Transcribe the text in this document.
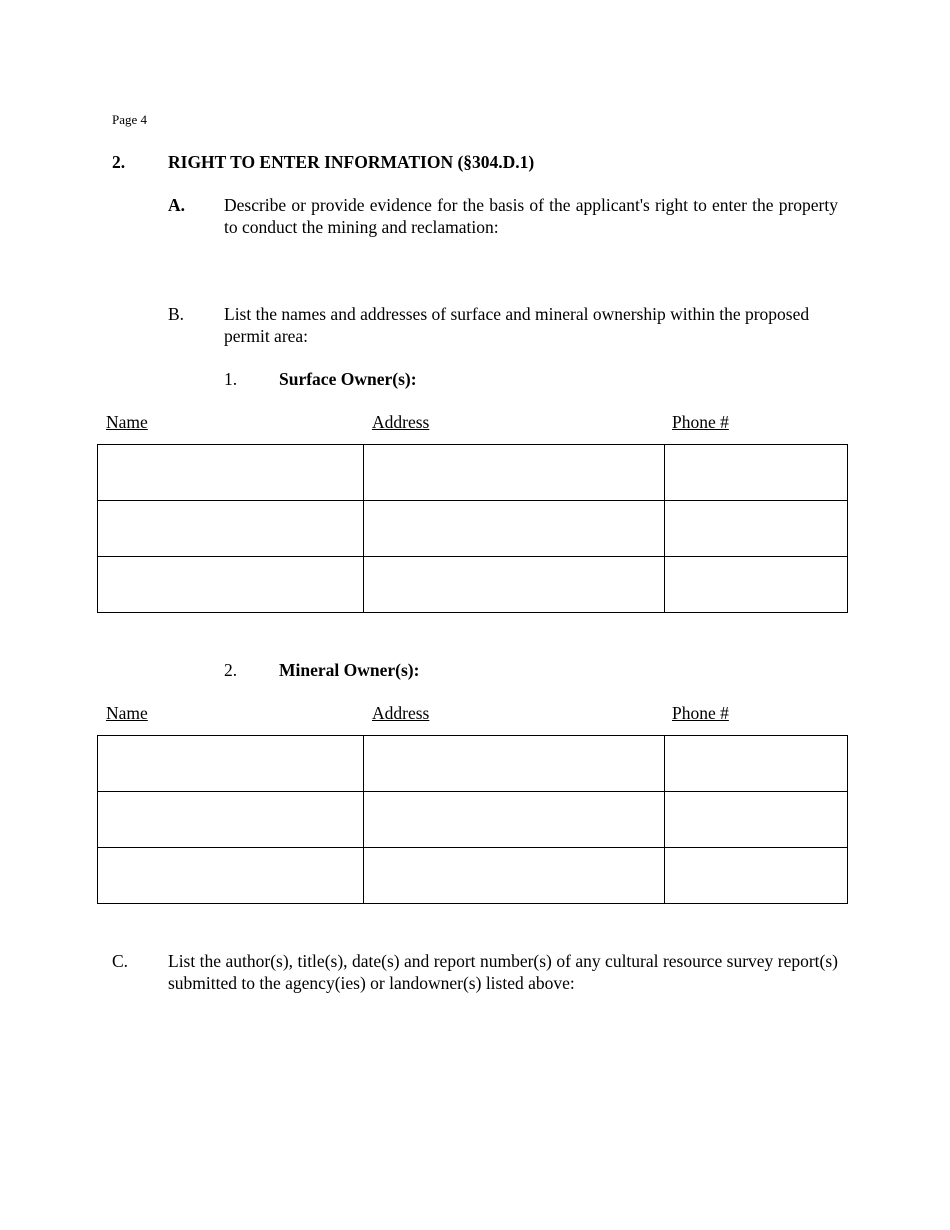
Page 4
2. RIGHT TO ENTER INFORMATION (§304.D.1)
A. Describe or provide evidence for the basis of the applicant's right to enter the property to conduct the mining and reclamation:
B. List the names and addresses of surface and mineral ownership within the proposed permit area:
1. Surface Owner(s):
Name	Address	Phone #

2. Mineral Owner(s):
Name	Address	Phone #

C. List the author(s), title(s), date(s) and report number(s) of any cultural resource survey report(s) submitted to the agency(ies) or landowner(s) listed above:
